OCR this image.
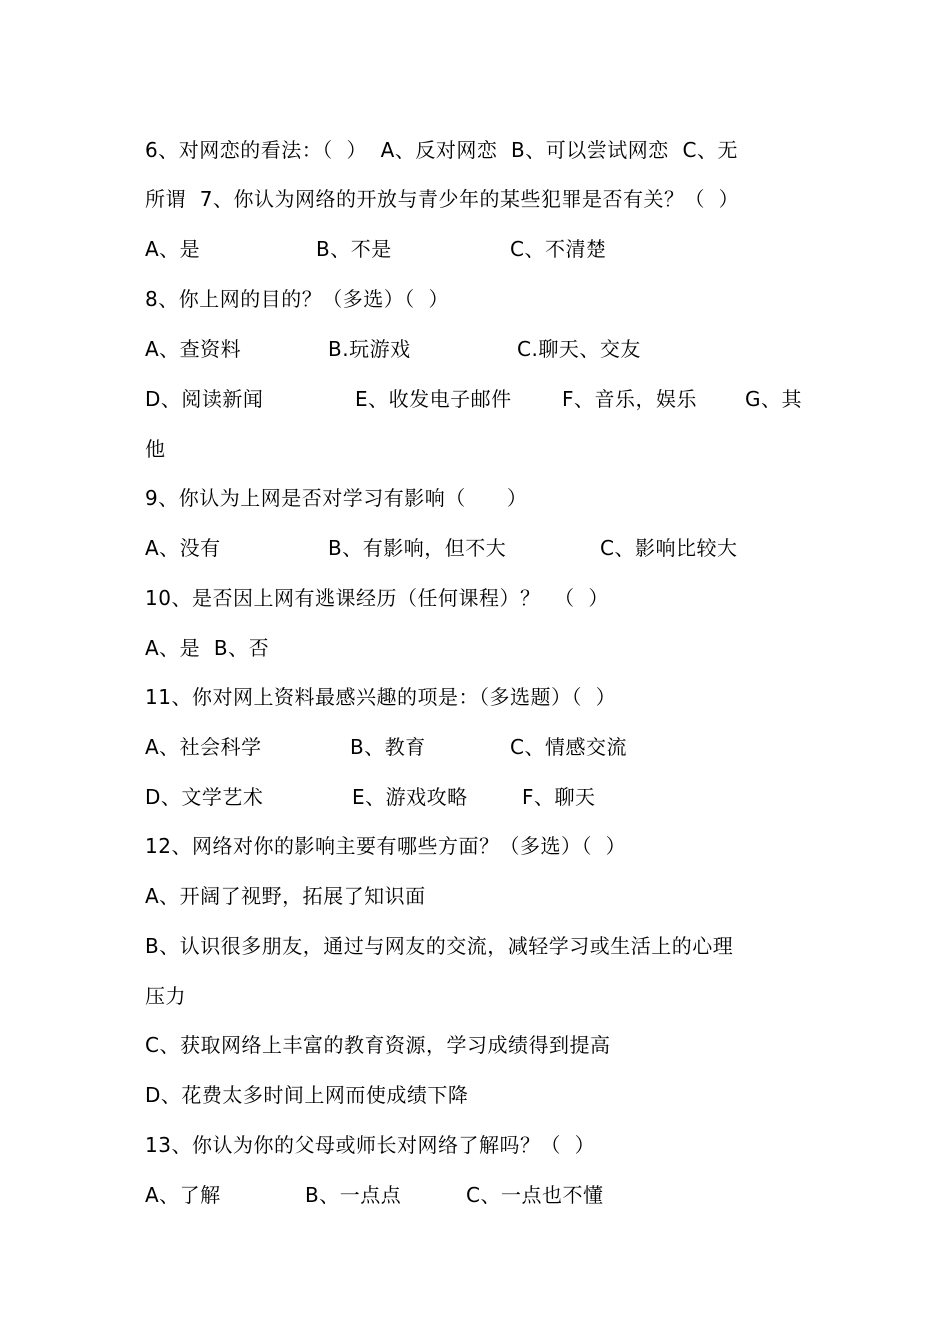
6、对网恋的看法：（  ）  A、反对网恋  B、可以尝试网恋  C、无
所谓  7、你认为网络的开放与青少年的某些犯罪是否有关？（  ）
A、是	B、不是	C、不清楚
8、你上网的目的？（多选）（  ）
A、查资料	B.玩游戏	C.聊天、交友
D、阅读新闻	E、收发电子邮件	F、音乐，娱乐 G、其
他
9、你认为上网是否对学习有影响（      ）
A、没有	B、有影响，但不大	C、影响比较大
10、是否因上网有逃课经历（任何课程）？  （  ）
A、是  B、否
11、你对网上资料最感兴趣的项是：（多选题）（  ）
A、社会科学	B、教育	C、情感交流
D、文学艺术	E、游戏攻略	F、聊天
12、网络对你的影响主要有哪些方面？（多选）（  ）
A、开阔了视野，拓展了知识面
B、认识很多朋友，通过与网友的交流，减轻学习或生活上的心理
压力
C、获取网络上丰富的教育资源，学习成绩得到提高
D、花费太多时间上网而使成绩下降
13、你认为你的父母或师长对网络了解吗？（  ）
A、了解	B、一点点	C、一点也不懂
